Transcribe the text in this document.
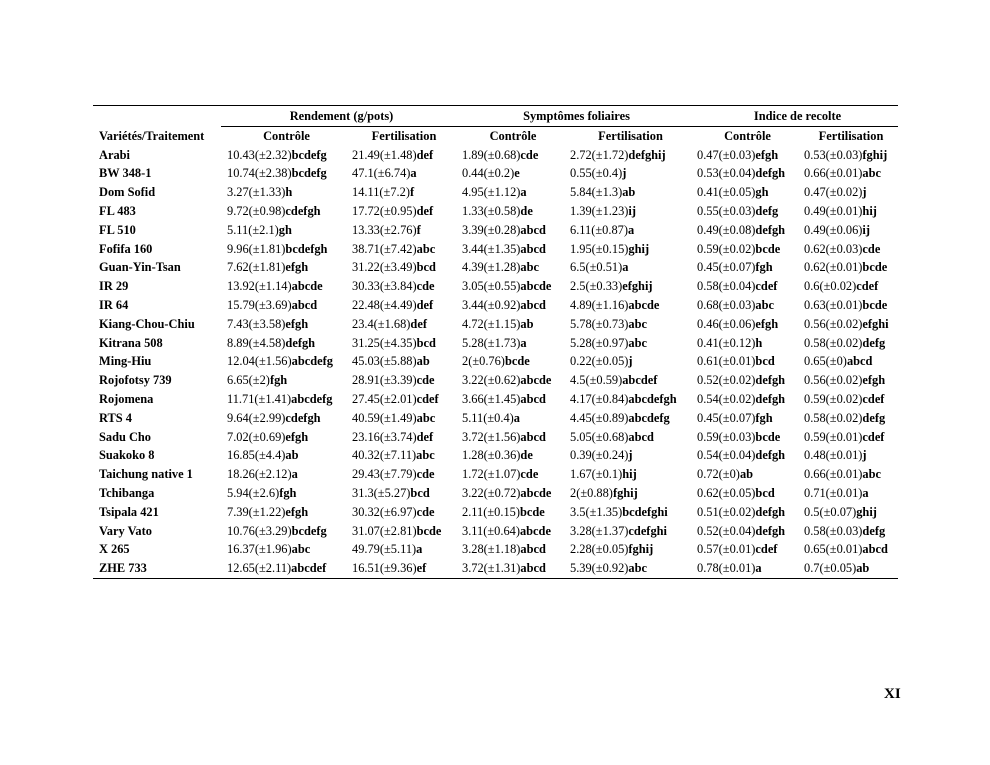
	Rendement (g/pots)		Symptômes foliaires		Indice de recolte	
Variétés/Traitement	Contrôle	Fertilisation	Contrôle	Fertilisation	Contrôle	Fertilisation
Arabi	10.43(±2.32)bcdefg	21.49(±1.48)def	1.89(±0.68)cde	2.72(±1.72)defghij	0.47(±0.03)efgh	0.53(±0.03)fghij
BW 348-1	10.74(±2.38)bcdefg	47.1(±6.74)a	0.44(±0.2)e	0.55(±0.4)j	0.53(±0.04)defgh	0.66(±0.01)abc
Dom Sofid	3.27(±1.33)h	14.11(±7.2)f	4.95(±1.12)a	5.84(±1.3)ab	0.41(±0.05)gh	0.47(±0.02)j
FL 483	9.72(±0.98)cdefgh	17.72(±0.95)def	1.33(±0.58)de	1.39(±1.23)ij	0.55(±0.03)defg	0.49(±0.01)hij
FL 510	5.11(±2.1)gh	13.33(±2.76)f	3.39(±0.28)abcd	6.11(±0.87)a	0.49(±0.08)defgh	0.49(±0.06)ij
Fofifa 160	9.96(±1.81)bcdefgh	38.71(±7.42)abc	3.44(±1.35)abcd	1.95(±0.15)ghij	0.59(±0.02)bcde	0.62(±0.03)cde
Guan-Yin-Tsan	7.62(±1.81)efgh	31.22(±3.49)bcd	4.39(±1.28)abc	6.5(±0.51)a	0.45(±0.07)fgh	0.62(±0.01)bcde
IR 29	13.92(±1.14)abcde	30.33(±3.84)cde	3.05(±0.55)abcde	2.5(±0.33)efghij	0.58(±0.04)cdef	0.6(±0.02)cdef
IR 64	15.79(±3.69)abcd	22.48(±4.49)def	3.44(±0.92)abcd	4.89(±1.16)abcde	0.68(±0.03)abc	0.63(±0.01)bcde
Kiang-Chou-Chiu	7.43(±3.58)efgh	23.4(±1.68)def	4.72(±1.15)ab	5.78(±0.73)abc	0.46(±0.06)efgh	0.56(±0.02)efghi
Kitrana 508	8.89(±4.58)defgh	31.25(±4.35)bcd	5.28(±1.73)a	5.28(±0.97)abc	0.41(±0.12)h	0.58(±0.02)defg
Ming-Hiu	12.04(±1.56)abcdefg	45.03(±5.88)ab	2(±0.76)bcde	0.22(±0.05)j	0.61(±0.01)bcd	0.65(±0)abcd
Rojofotsy 739	6.65(±2)fgh	28.91(±3.39)cde	3.22(±0.62)abcde	4.5(±0.59)abcdef	0.52(±0.02)defgh	0.56(±0.02)efgh
Rojomena	11.71(±1.41)abcdefg	27.45(±2.01)cdef	3.66(±1.45)abcd	4.17(±0.84)abcdefgh	0.54(±0.02)defgh	0.59(±0.02)cdef
RTS 4	9.64(±2.99)cdefgh	40.59(±1.49)abc	5.11(±0.4)a	4.45(±0.89)abcdefg	0.45(±0.07)fgh	0.58(±0.02)defg
Sadu Cho	7.02(±0.69)efgh	23.16(±3.74)def	3.72(±1.56)abcd	5.05(±0.68)abcd	0.59(±0.03)bcde	0.59(±0.01)cdef
Suakoko 8	16.85(±4.4)ab	40.32(±7.11)abc	1.28(±0.36)de	0.39(±0.24)j	0.54(±0.04)defgh	0.48(±0.01)j
Taichung native 1	18.26(±2.12)a	29.43(±7.79)cde	1.72(±1.07)cde	1.67(±0.1)hij	0.72(±0)ab	0.66(±0.01)abc
Tchibanga	5.94(±2.6)fgh	31.3(±5.27)bcd	3.22(±0.72)abcde	2(±0.88)fghij	0.62(±0.05)bcd	0.71(±0.01)a
Tsipala 421	7.39(±1.22)efgh	30.32(±6.97)cde	2.11(±0.15)bcde	3.5(±1.35)bcdefghi	0.51(±0.02)defgh	0.5(±0.07)ghij
Vary Vato	10.76(±3.29)bcdefg	31.07(±2.81)bcde	3.11(±0.64)abcde	3.28(±1.37)cdefghi	0.52(±0.04)defgh	0.58(±0.03)defg
X 265	16.37(±1.96)abc	49.79(±5.11)a	3.28(±1.18)abcd	2.28(±0.05)fghij	0.57(±0.01)cdef	0.65(±0.01)abcd
ZHE 733	12.65(±2.11)abcdef	16.51(±9.36)ef	3.72(±1.31)abcd	5.39(±0.92)abc	0.78(±0.01)a	0.7(±0.05)ab
XI
